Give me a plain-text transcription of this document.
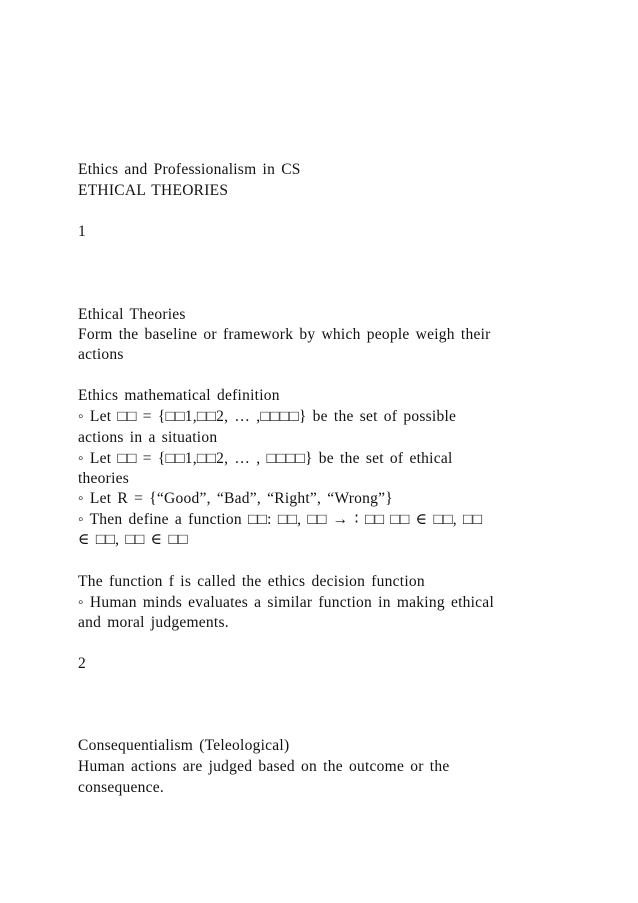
Ethics and Professionalism in CS
ETHICAL THEORIES
1
Ethical Theories
Form the baseline or framework by which people weigh their
actions
Ethics mathematical definition
◦ Let □□ = {□□1,□□2, … ,□□□□} be the set of possible
actions in a situation
◦ Let □□ = {□□1,□□2, … , □□□□} be the set of ethical
theories
◦ Let R = {“Good”, “Bad”, “Right”, “Wrong”}
◦ Then define a function □□: □□, □□ → ∶ □□ □□ ∈ □□, □□
∈ □□, □□ ∈ □□
The function f is called the ethics decision function
◦ Human minds evaluates a similar function in making ethical
and moral judgements.
2
Consequentialism (Teleological)
Human actions are judged based on the outcome or the
consequence.
